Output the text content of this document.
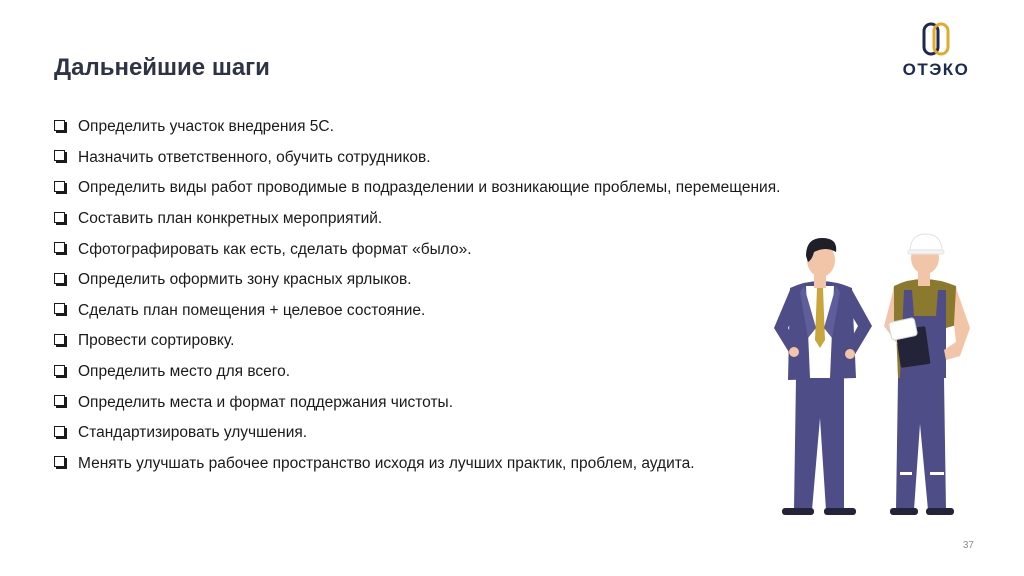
Дальнейшие шаги	ОТЭКО
Определить участок внедрения 5С.
Назначить ответственного, обучить сотрудников.
Определить виды работ проводимые в подразделении и возникающие проблемы, перемещения.
Составить план конкретных мероприятий.
Сфотографировать как есть, сделать формат «было».
Определить оформить зону красных ярлыков.
Сделать план помещения + целевое состояние.
Провести сортировку.
Определить место для всего.
Определить места и формат поддержания чистоты.
Стандартизировать улучшения.
Менять улучшать рабочее пространство исходя из лучших практик, проблем, аудита.
37
